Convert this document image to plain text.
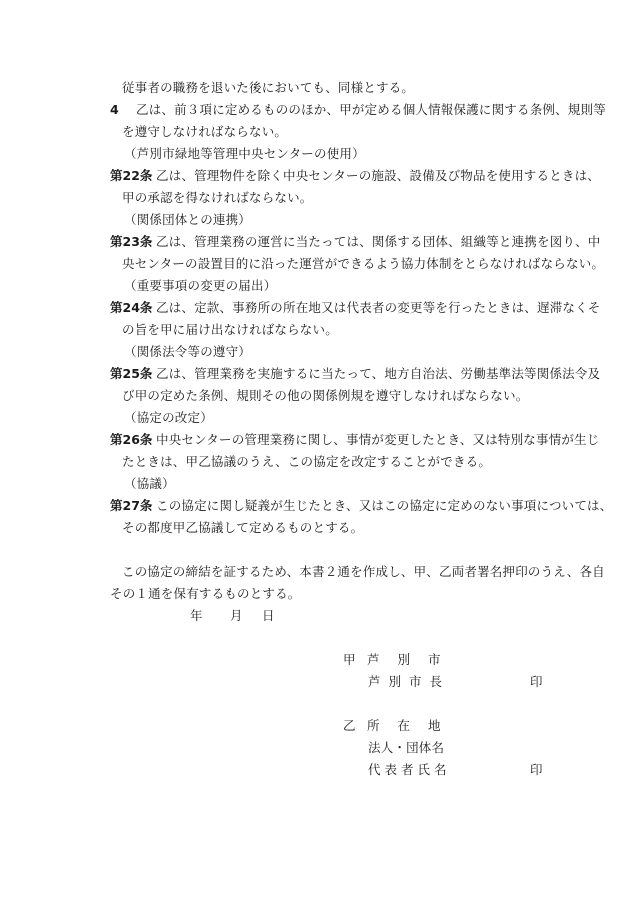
従事者の職務を退いた後においても、同様とする。
4 乙は、前３項に定めるもののほか、甲が定める個人情報保護に関する条例、規則等
を遵守しなければならない。
（芦別市緑地等管理中央センターの使用）
第22条 乙は、管理物件を除く中央センターの施設、設備及び物品を使用するときは、
甲の承認を得なければならない。
（関係団体との連携）
第23条 乙は、管理業務の運営に当たっては、関係する団体、組織等と連携を図り、中
央センターの設置目的に沿った運営ができるよう協力体制をとらなければならない。
（重要事項の変更の届出）
第24条 乙は、定款、事務所の所在地又は代表者の変更等を行ったときは、遅滞なくそ
の旨を甲に届け出なければならない。
（関係法令等の遵守）
第25条 乙は、管理業務を実施するに当たって、地方自治法、労働基準法等関係法令及
び甲の定めた条例、規則その他の関係例規を遵守しなければならない。
（協定の改定）
第26条 中央センターの管理業務に関し、事情が変更したとき、又は特別な事情が生じ
たときは、甲乙協議のうえ、この協定を改定することができる。
（協議）
第27条 この協定に関し疑義が生じたとき、又はこの協定に定めのない事項については、
その都度甲乙協議して定めるものとする。
この協定の締結を証するため、本書２通を作成し、甲、乙両者署名押印のうえ、各自
その１通を保有するものとする。
年 月 日
甲 芦別市
芦別市長	印
乙 所在地
法人・団体名
代表者氏名	印
